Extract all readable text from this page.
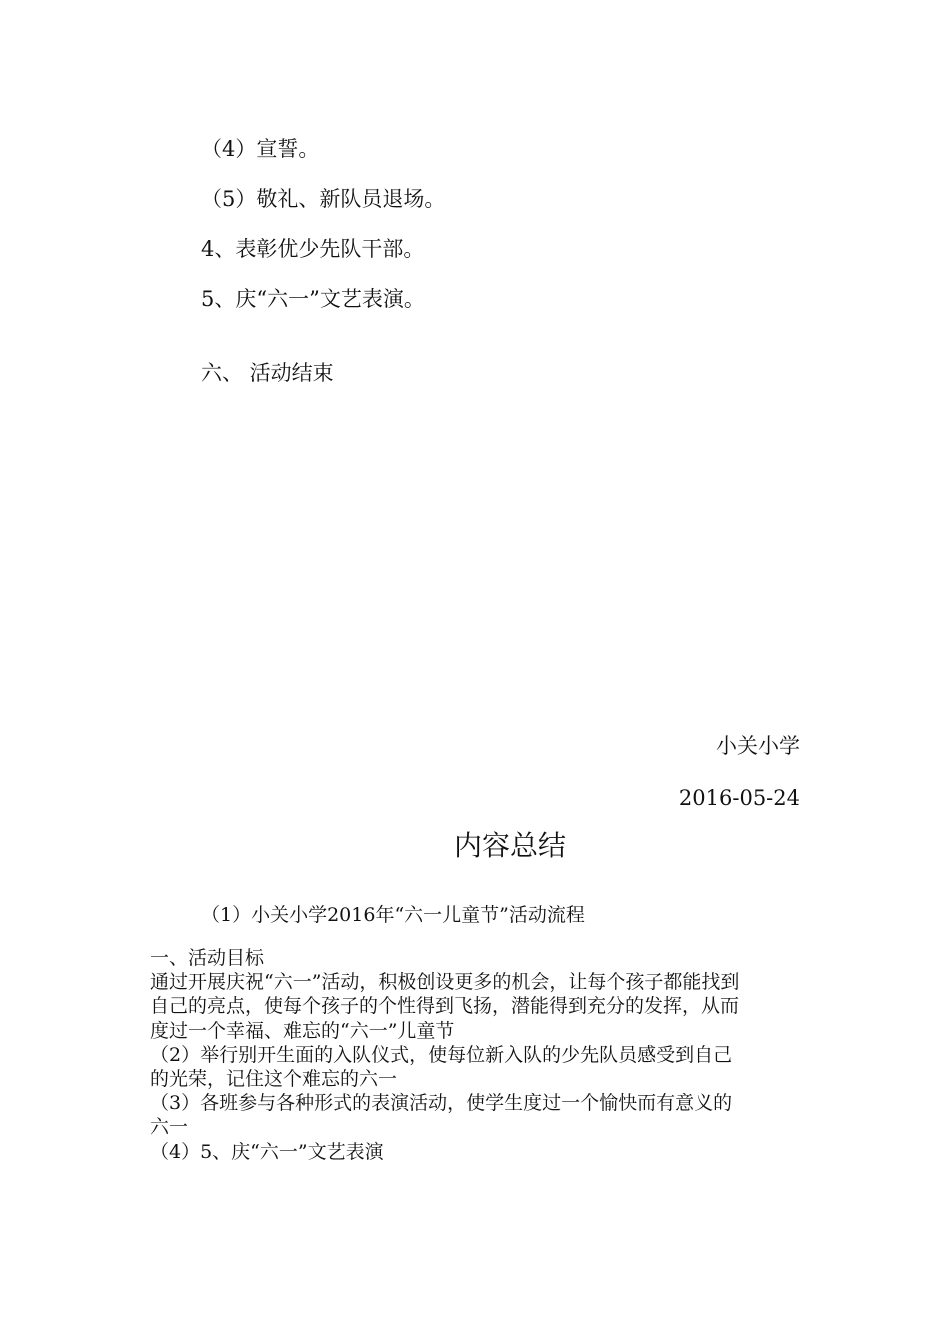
（4）宣誓。
（5）敬礼、新队员退场。
4、表彰优少先队干部。
5、庆“六一”文艺表演。
六、 活动结束
小关小学
2016-05-24
内容总结
（1）小关小学2016年“六一儿童节”活动流程
一、活动目标
通过开展庆祝“六一”活动，积极创设更多的机会，让每个孩子都能找到
自己的亮点，使每个孩子的个性得到飞扬，潜能得到充分的发挥，从而
度过一个幸福、难忘的“六一”儿童节
（2）举行别开生面的入队仪式，使每位新入队的少先队员感受到自己
的光荣，记住这个难忘的六一
（3）各班参与各种形式的表演活动，使学生度过一个愉快而有意义的
六一
（4）5、庆“六一”文艺表演
